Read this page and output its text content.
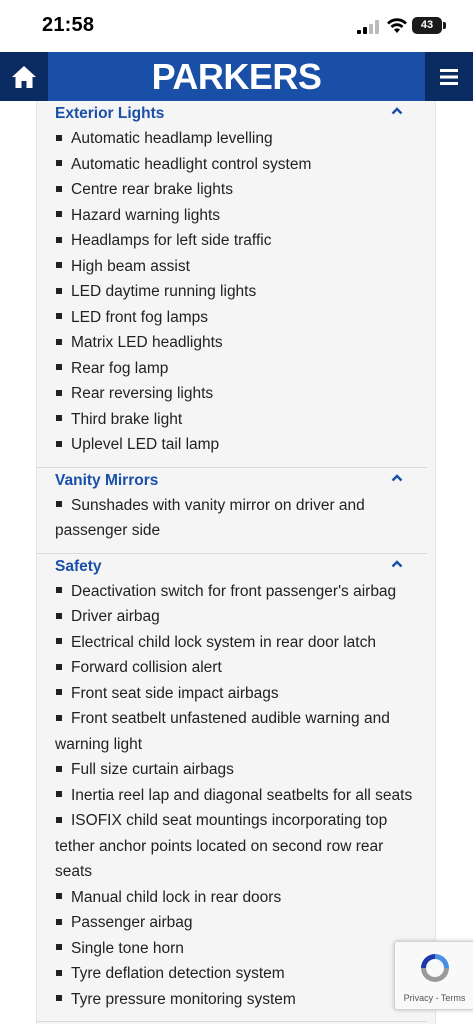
21:58	43
PARKERS
Exterior Lights
Automatic headlamp levelling
Automatic headlight control system
Centre rear brake lights
Hazard warning lights
Headlamps for left side traffic
High beam assist
LED daytime running lights
LED front fog lamps
Matrix LED headlights
Rear fog lamp
Rear reversing lights
Third brake light
Uplevel LED tail lamp
Vanity Mirrors
Sunshades with vanity mirror on driver and passenger side
Safety
Deactivation switch for front passenger's airbag
Driver airbag
Electrical child lock system in rear door latch
Forward collision alert
Front seat side impact airbags
Front seatbelt unfastened audible warning and warning light
Full size curtain airbags
Inertia reel lap and diagonal seatbelts for all seats
ISOFIX child seat mountings incorporating top tether anchor points located on second row rear seats
Manual child lock in rear doors
Passenger airbag
Single tone horn
Tyre deflation detection system
Tyre pressure monitoring system	Privacy - Terms
